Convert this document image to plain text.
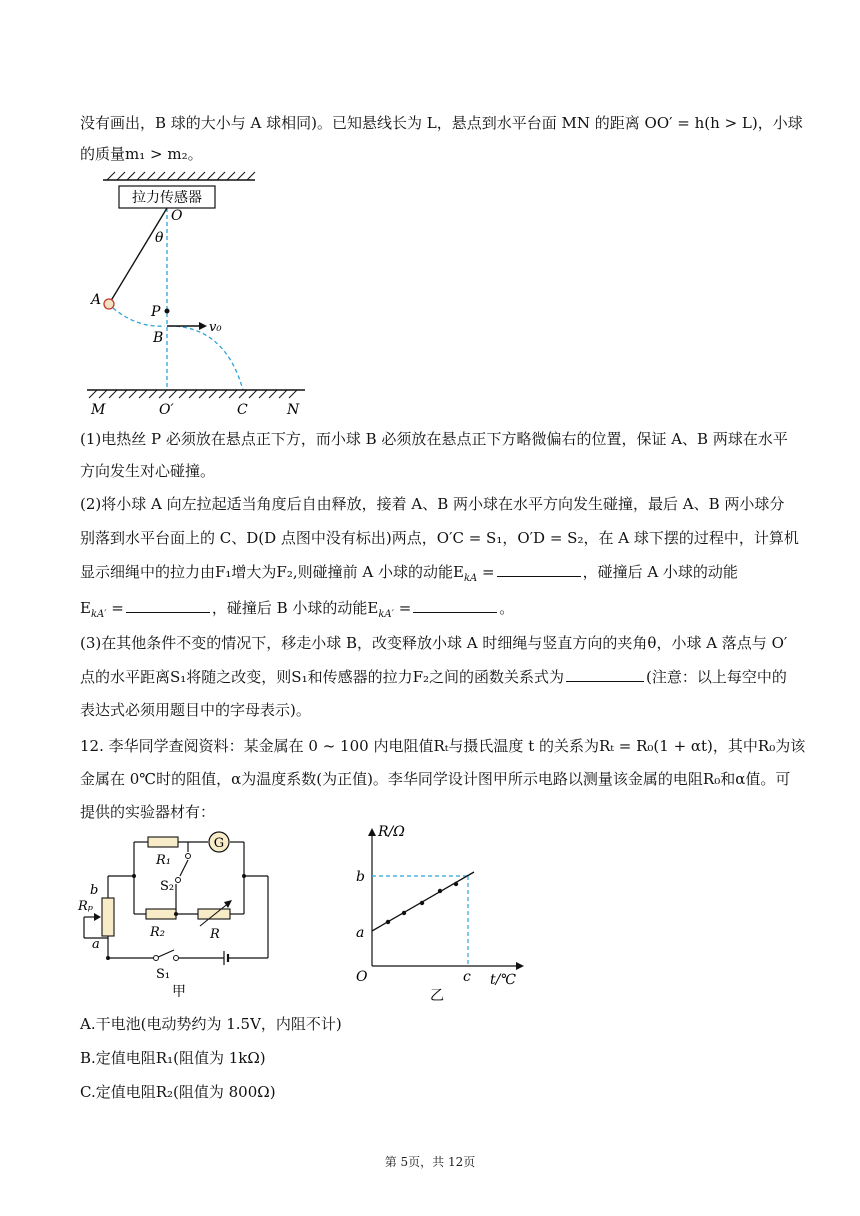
没有画出，B 球的大小与 A 球相同)。已知悬线长为 L，悬点到水平台面 MN 的距离 OO′ = h(h > L)，小球
的质量m₁ > m₂。
拉力传感器
O
θ
A
P
v₀
B
M	O′	C	N
(1)电热丝 P 必须放在悬点正下方，而小球 B 必须放在悬点正下方略微偏右的位置，保证 A、B 两球在水平
方向发生对心碰撞。
(2)将小球 A 向左拉起适当角度后自由释放，接着 A、B 两小球在水平方向发生碰撞，最后 A、B 两小球分
别落到水平台面上的 C、D(D 点图中没有标出)两点，O′C = S₁，O′D = S₂，在 A 球下摆的过程中，计算机
显示细绳中的拉力由F₁增大为F₂,则碰撞前 A 小球的动能$E_{kA}$ =	，碰撞后 A 小球的动能
$E_{kA'}$ =	，碰撞后 B 小球的动能$E_{kA'}$ =	。
(3)在其他条件不变的情况下，移走小球 B，改变释放小球 A 时细绳与竖直方向的夹角θ，小球 A 落点与 O′
点的水平距离S₁将随之改变，则S₁和传感器的拉力F₂之间的函数关系式为	(注意：以上每空中的
表达式必须用题目中的字母表示)。
12. 李华同学查阅资料：某金属在 0 ~ 100 内电阻值Rₜ与摄氏温度 t 的关系为Rₜ = R₀(1 + αt)，其中R₀为该
金属在 0℃时的阻值，α为温度系数(为正值)。李华同学设计图甲所示电路以测量该金属的电阻R₀和α值。可
提供的实验器材有：
G
R₁
S₂
b
Rₚ
a
R₂	R
S₁
甲
R/Ω
b
a
O	c t/℃
乙
A.干电池(电动势约为 1.5V，内阻不计)
B.定值电阻R₁(阻值为 1kΩ)
C.定值电阻R₂(阻值为 800Ω)
第 5页，共 12页
